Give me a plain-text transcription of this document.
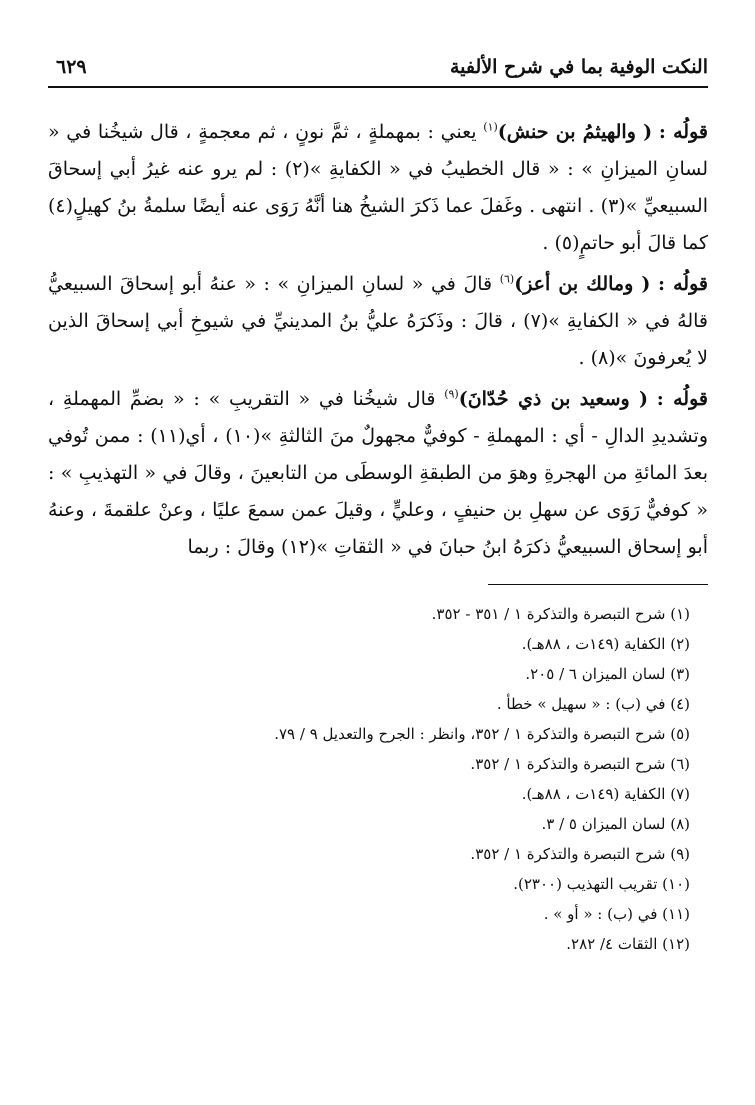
النكت الوفية بما في شرح الألفية
٦٢٩

قولُه : ( والهيثمُ بن حنش)$^{(١)}$ يعني : بمهملةٍ ، ثمَّ نونٍ ، ثم معجمةٍ ، قال شيخُنا في « لسانِ الميزانِ » : « قال الخطيبُ في « الكفايةِ »(٢) : لم يرو عنه غيرُ أبي إسحاقَ السبيعيِّ »(٣) . انتهى . وغَفلَ عما ذَكرَ الشيخُ هنا أنَّهُ رَوَى عنه أيضًا سلمةُ بنُ كهيلٍ(٤) كما قالَ أبو حاتمٍ(٥) .

قولُه : ( ومالك بن أعز)$^{(٦)}$ قالَ في « لسانِ الميزانِ » : « عنهُ أبو إسحاقَ السبيعيُّ قالهُ في « الكفايةِ »(٧) ، قالَ : وذَكرَهُ عليُّ بنُ المدينيِّ في شيوخِ أبي إسحاقَ الذين لا يُعرفونَ »(٨) .

قولُه : ( وسعيد بن ذي حُدّانَ)$^{(٩)}$ قال شيخُنا في « التقريبِ » : « بضمِّ المهملةِ ، وتشديدِ الدالِ - أي : المهملةِ - كوفيٌّ مجهولٌ منَ الثالثةِ »(١٠) ، أي(١١) : ممن تُوفي بعدَ المائةِ من الهجرةِ وهوَ من الطبقةِ الوسطَى من التابعينَ ، وقالَ في « التهذيبِ » : « كوفيٌّ رَوَى عن سهلِ بن حنيفٍ ، وعليٍّ ، وقيلَ عمن سمعَ عليًا ، وعنْ علقمةَ ، وعنهُ أبو إسحاق السبيعيُّ ذكرَهُ ابنُ حبانَ في « الثقاتِ »(١٢) وقالَ : ربما

(١) شرح التبصرة والتذكرة ١ / ٣٥١ - ٣٥٢.
(٢) الكفاية (١٤٩ت ، ٨٨هـ).
(٣) لسان الميزان ٦ / ٢٠٥.
(٤) في (ب) : « سهيل » خطأ .
(٥) شرح التبصرة والتذكرة ١ / ٣٥٢، وانظر : الجرح والتعديل ٩ / ٧٩.
(٦) شرح التبصرة والتذكرة ١ / ٣٥٢.
(٧) الكفاية (١٤٩ت ، ٨٨هـ).
(٨) لسان الميزان ٥ / ٣.
(٩) شرح التبصرة والتذكرة ١ / ٣٥٢.
(١٠) تقريب التهذيب (٢٣٠٠).
(١١) في (ب) : « أو » .
(١٢) الثقات ٤/ ٢٨٢.
